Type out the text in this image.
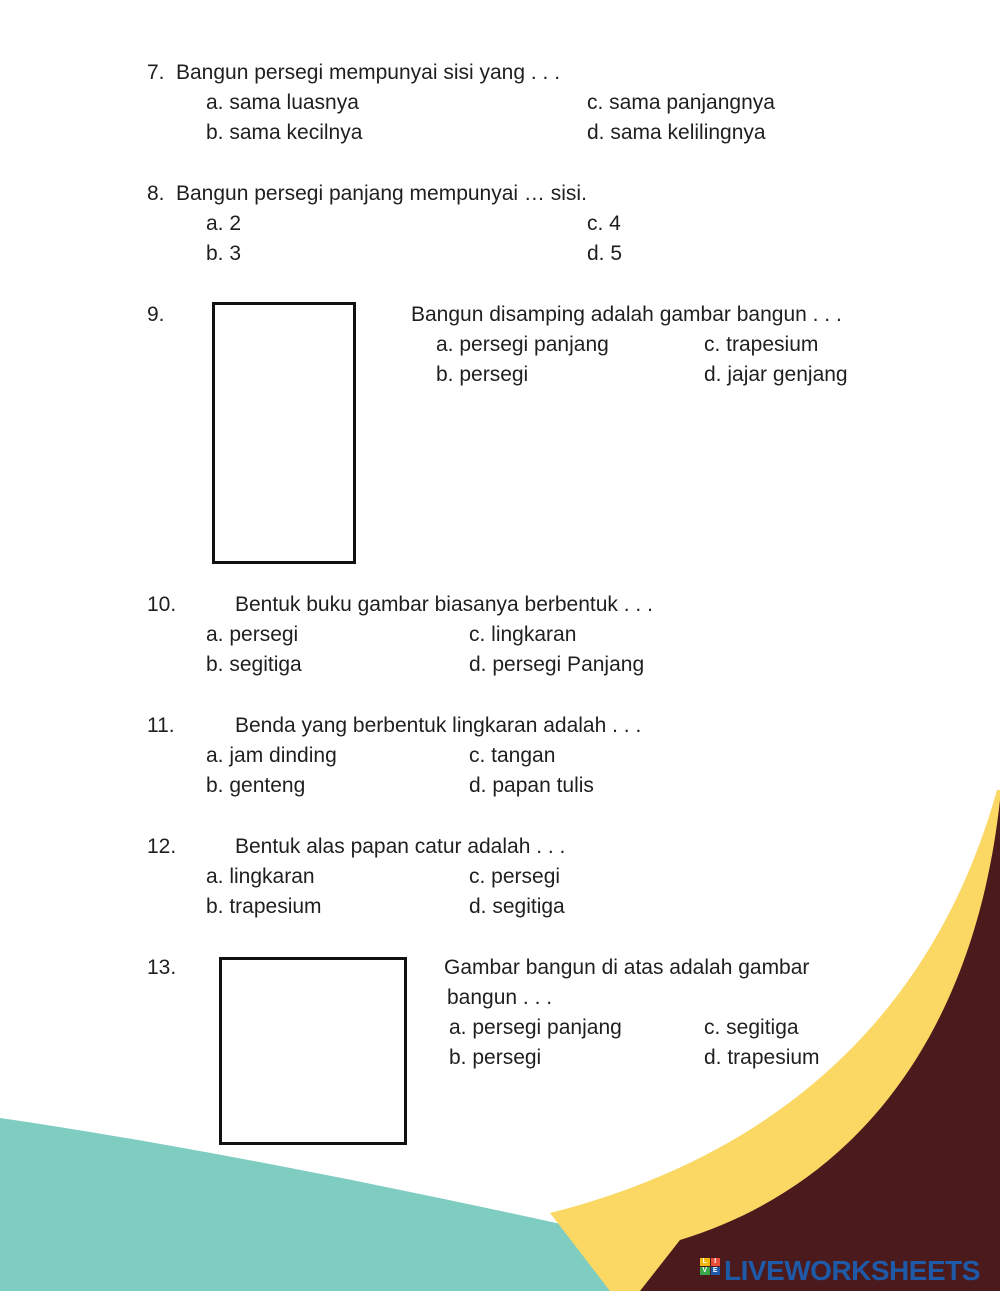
7. Bangun persegi mempunyai sisi yang . . .
a. sama luasnya
b. sama kecilnya
c. sama panjangnya
d. sama kelilingnya
8. Bangun persegi panjang mempunyai … sisi.
a. 2
b. 3
c. 4
d. 5
9.	Bangun disamping adalah gambar bangun . . .
a. persegi panjang
b. persegi
c. trapesium
d. jajar genjang
10.	Bentuk buku gambar biasanya berbentuk . . .
a. persegi
b. segitiga
c. lingkaran
d. persegi Panjang
11.	Benda yang berbentuk lingkaran adalah . . .
a. jam dinding
b. genteng
c. tangan
d. papan tulis
12.	Bentuk alas papan catur adalah . . .
a. lingkaran
b. trapesium
c. persegi
d. segitiga
13.	Gambar bangun di atas adalah gambar
bangun . . .
a. persegi panjang
b. persegi
c. segitiga
d. trapesium
L	I
V E LIVEWORKSHEETS
